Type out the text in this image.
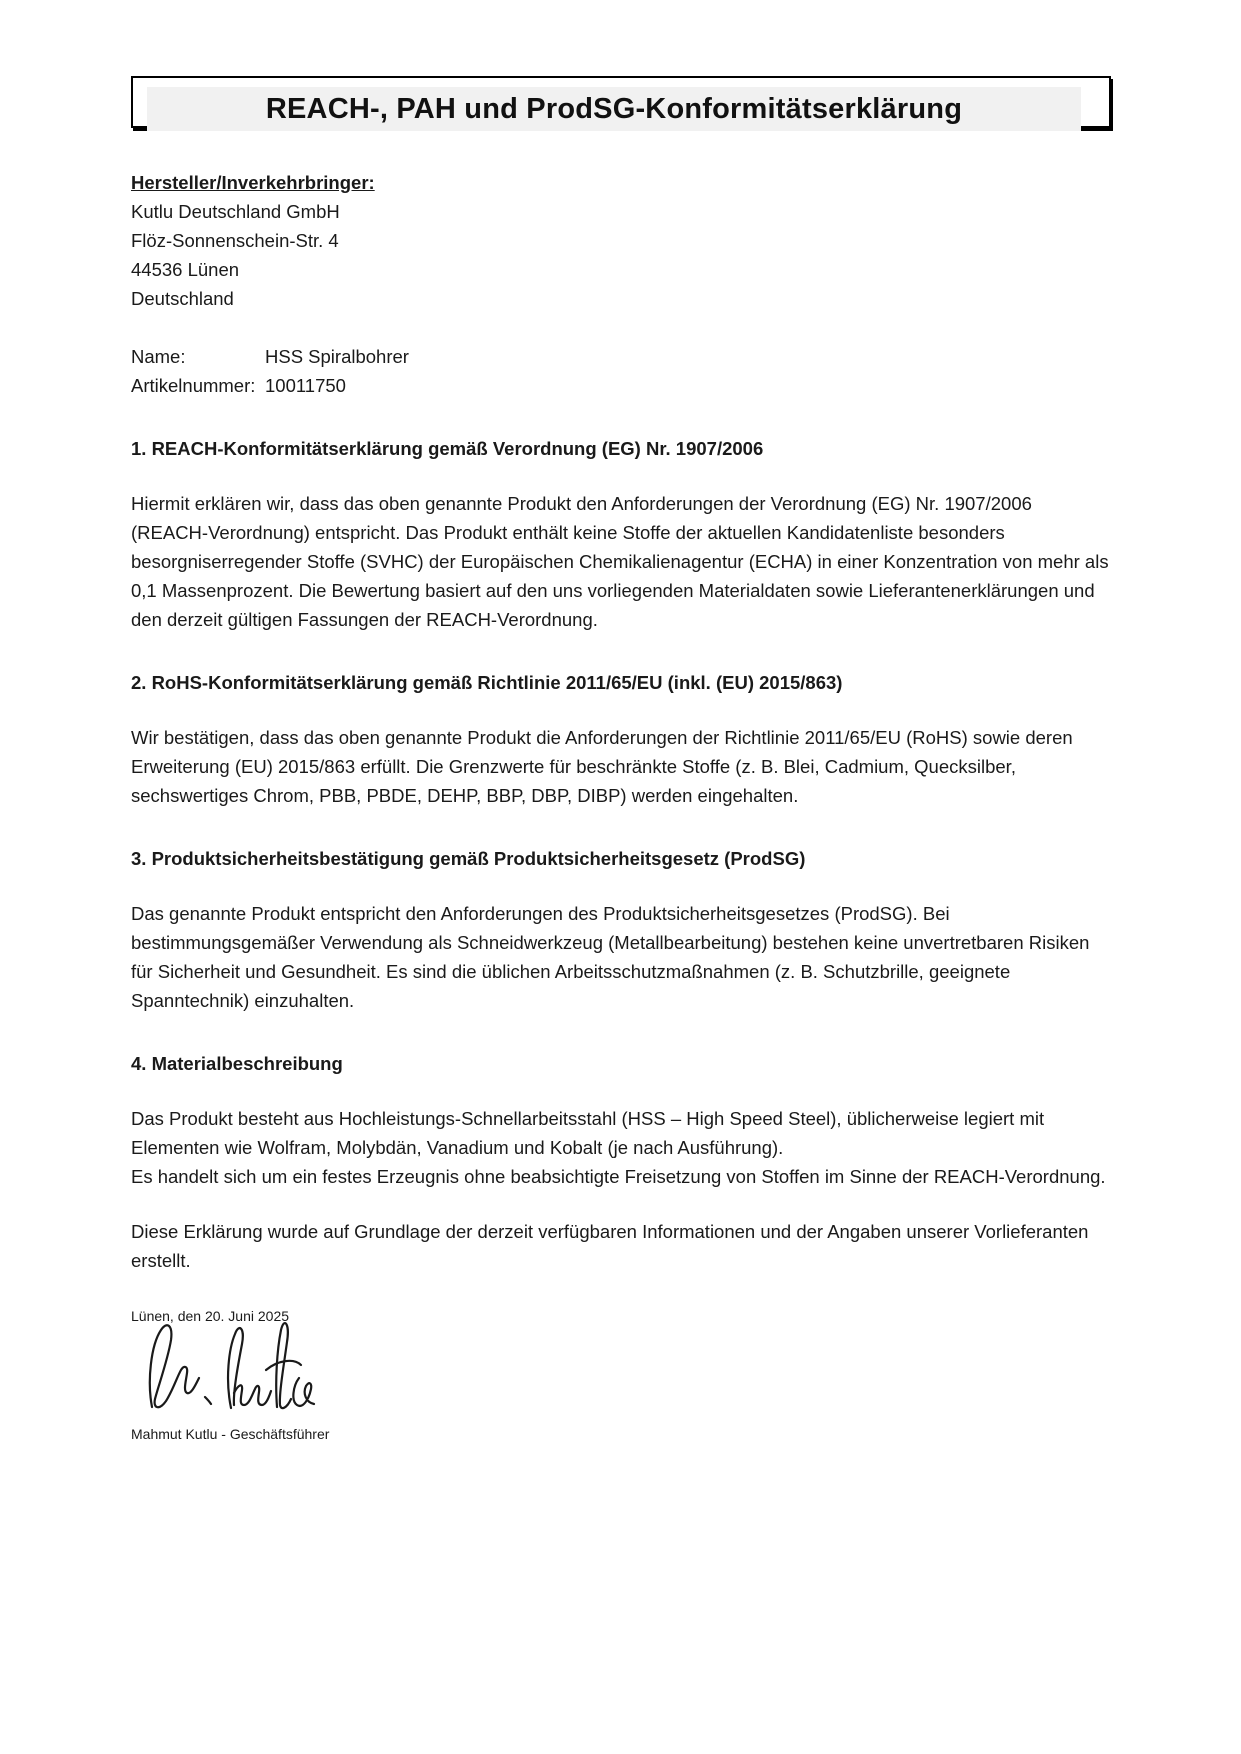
REACH-, PAH und ProdSG-Konformitätserklärung
Hersteller/Inverkehrbringer:
Kutlu Deutschland GmbH
Flöz-Sonnenschein-Str. 4
44536 Lünen
Deutschland
Name:	HSS Spiralbohrer
Artikelnummer: 10011750
1. REACH-Konformitätserklärung gemäß Verordnung (EG) Nr. 1907/2006

Hiermit erklären wir, dass das oben genannte Produkt den Anforderungen der Verordnung (EG) Nr. 1907/2006 (REACH-Verordnung) entspricht. Das Produkt enthält keine Stoffe der aktuellen Kandidatenliste besonders besorgniserregender Stoffe (SVHC) der Europäischen Chemikalienagentur (ECHA) in einer Konzentration von mehr als 0,1 Massenprozent. Die Bewertung basiert auf den uns vorliegenden Materialdaten sowie Lieferantenerklärungen und den derzeit gültigen Fassungen der REACH-Verordnung.

2. RoHS-Konformitätserklärung gemäß Richtlinie 2011/65/EU (inkl. (EU) 2015/863)

Wir bestätigen, dass das oben genannte Produkt die Anforderungen der Richtlinie 2011/65/EU (RoHS) sowie deren Erweiterung (EU) 2015/863 erfüllt. Die Grenzwerte für beschränkte Stoffe (z. B. Blei, Cadmium, Quecksilber, sechswertiges Chrom, PBB, PBDE, DEHP, BBP, DBP, DIBP) werden eingehalten.

3. Produktsicherheitsbestätigung gemäß Produktsicherheitsgesetz (ProdSG)

Das genannte Produkt entspricht den Anforderungen des Produktsicherheitsgesetzes (ProdSG). Bei bestimmungsgemäßer Verwendung als Schneidwerkzeug (Metallbearbeitung) bestehen keine unvertretbaren Risiken für Sicherheit und Gesundheit. Es sind die üblichen Arbeitsschutzmaßnahmen (z. B. Schutzbrille, geeignete Spanntechnik) einzuhalten.

4. Materialbeschreibung

Das Produkt besteht aus Hochleistungs-Schnellarbeitsstahl (HSS – High Speed Steel), üblicherweise legiert mit Elementen wie Wolfram, Molybdän, Vanadium und Kobalt (je nach Ausführung).

Es handelt sich um ein festes Erzeugnis ohne beabsichtigte Freisetzung von Stoffen im Sinne der REACH-Verordnung.

Diese Erklärung wurde auf Grundlage der derzeit verfügbaren Informationen und der Angaben unserer Vorlieferanten erstellt.

Lünen, den 20. Juni 2025
Mahmut Kutlu - Geschäftsführer
